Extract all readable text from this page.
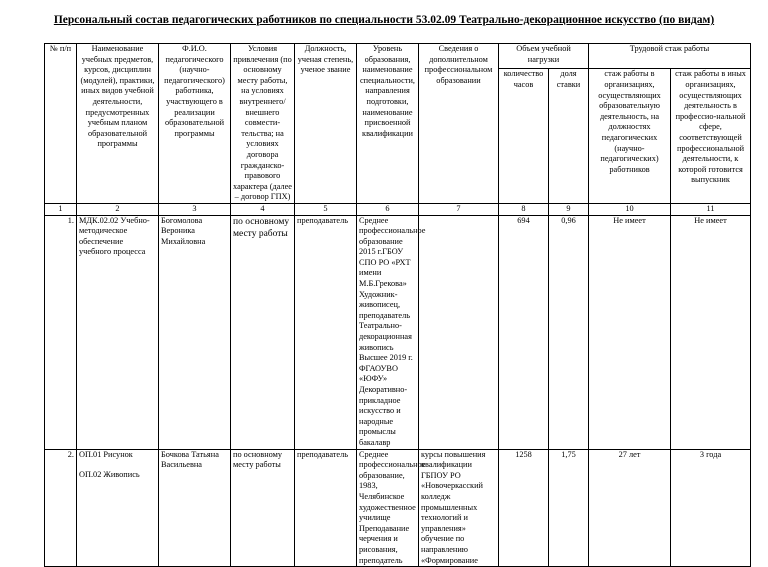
Персональный состав педагогических работников по специальности 53.02.09 Театрально-декорационное искусство (по видам)
№ п/п	Наименование учебных предметов, курсов, дисциплин (модулей), практики, иных видов учебной деятельности, предусмотренных учебным планом образовательной программы	Ф.И.О. педагогического (научно-педагогического) работника, участвующего в реализации образовательной программы	Условия привлечения (по основному месту работы, на условиях внутреннего/ внешнего совмести-тельства; на условиях договора гражданско-правового характера (далее – договор ГПХ)	Должность, ученая степень, ученое звание	Уровень образования, наименование специальности, направления подготовки, наименование присвоенной квалификации	Сведения о дополнительном профессиональном образовании	Объем учебной нагрузки		Трудовой стаж работы	
							количество часов	доля ставки	стаж работы в организациях, осуществляющих образовательную деятельность, на должностях педагогических (научно-педагогических) работников	стаж работы в иных организациях, осуществляющих деятельность в профессио-нальной сфере, соответствующей профессиональной деятельности, к которой готовится выпускник
1	2	3	4	5	6	7	8	9	10	11
1.	МДК.02.02 Учебно-методическое обеспечение учебного процесса	Богомолова Вероника Михайловна	по основному месту работы	преподаватель	Среднее профессиональное образование 2015 г.ГБОУ СПО РО «РХТ имени М.Б.Грекова» Художник-живописец, преподаватель Театрально-декорационная живопись Высшее 2019 г. ФГАОУВО «ЮФУ» Декоративно-прикладное искусство и народные промыслы бакалавр		694	0,96	Не имеет	Не имеет
2.	ОП.01 Рисунок
ОП.02 Живопись	Бочкова Татьяна Васильевна	по основному месту работы	преподаватель	Среднее профессиональное образование, 1983, Челябинское художественное училище Преподавание черчения и рисования, преподатель	курсы повышения квалификации ГБПОУ РО «Новочеркасский колледж промышленных технологий и управления» обучение по направлению «Формирование	1258	1,75	27 лет	3 года
